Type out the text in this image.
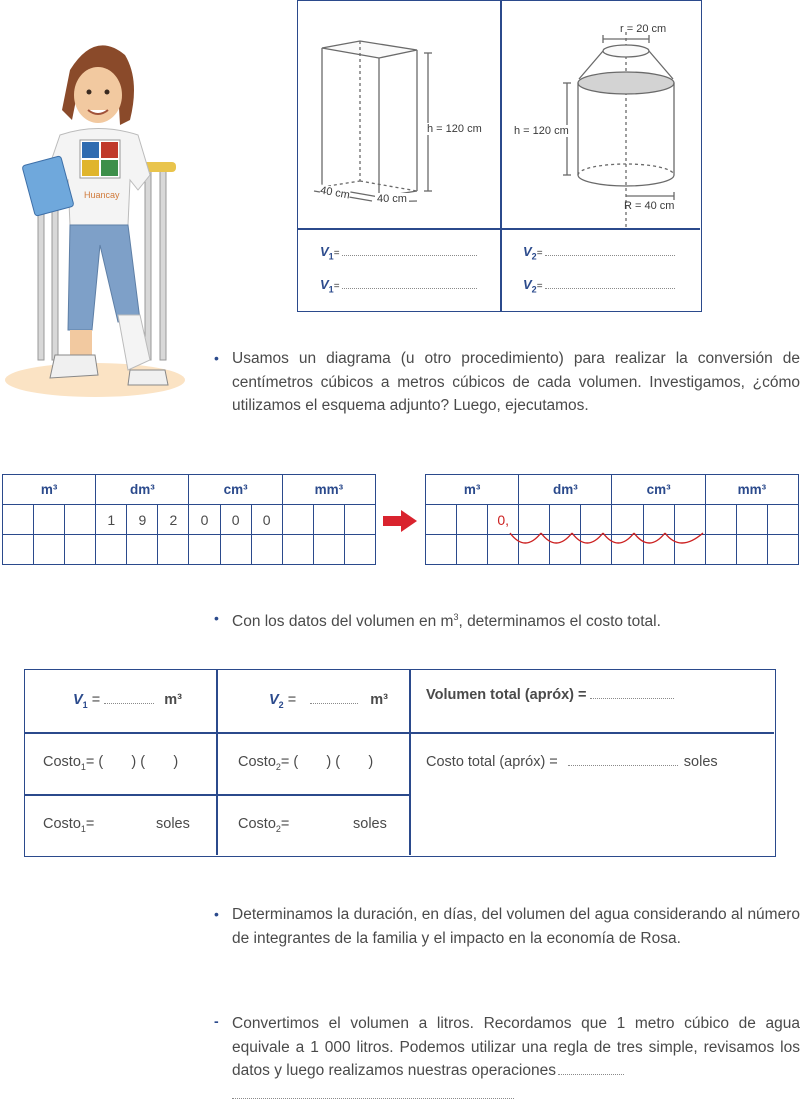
Huancay
h = 120 cm
40 cm 40 cm
r = 20 cm
h = 120 cm
R = 40 cm
$V_1=$
$V_1=$
$V_2=$
$V_2=$
• Usamos un diagrama (u otro procedimiento) para realizar la conversión de centímetros cúbicos a metros cúbicos de cada volumen. Investigamos, ¿cómo utilizamos el esquema adjunto? Luego, ejecutamos.
m³			dm³			cm³			mm³		
			1	9	2	0	0	0			

m³			dm³			cm³			mm³		
		0,									

• Con los datos del volumen en $m^3$, determinamos el costo total.
$V_1$ =	m³	$V_2$ =	m³	Volumen total (apróx) =
Costo$_1$= (       ) (       )	Costo$_2$= (       ) (       )	Costo total (apróx) =	soles
Costo$_1$=	soles	Costo$_2$=	soles
• Determinamos la duración, en días, del volumen del agua considerando al número de integrantes de la familia y el impacto en la economía de Rosa.
- Convertimos el volumen a litros. Recordamos que 1 metro cúbico de agua equivale a 1 000 litros. Podemos utilizar una regla de tres simple, revisamos los datos y luego realizamos nuestras operaciones
